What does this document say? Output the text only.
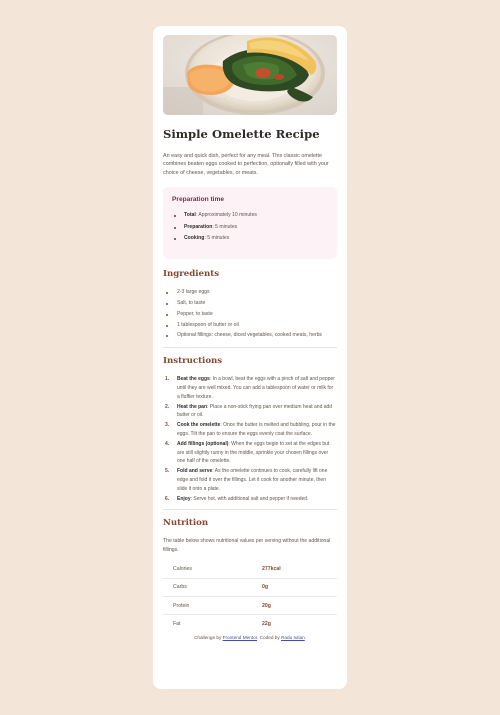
Simple Omelette Recipe

An easy and quick dish, perfect for any meal. This classic omelette combines beaten eggs cooked to perfection, optionally filled with your choice of cheese, vegetables, or meats.

Preparation time
Total: Approximately 10 minutes
Preparation: 5 minutes
Cooking: 5 minutes
Ingredients
2-3 large eggs
Salt, to taste
Pepper, to taste
1 tablespoon of butter or oil
Optional fillings: cheese, diced vegetables, cooked meats, herbs
Instructions
1. Beat the eggs: In a bowl, beat the eggs with a pinch of salt and pepper until they are well mixed. You can add a tablespoon of water or milk for a fluffier texture.
2. Heat the pan: Place a non-stick frying pan over medium heat and add butter or oil.
3. Cook the omelette: Once the butter is melted and bubbling, pour in the eggs. Tilt the pan to ensure the eggs evenly coat the surface.
4. Add fillings (optional): When the eggs begin to set at the edges but are still slightly runny in the middle, sprinkle your chosen fillings over one half of the omelette.
5. Fold and serve: As the omelette continues to cook, carefully lift one edge and fold it over the fillings. Let it cook for another minute, then slide it onto a plate.
6. Enjoy: Serve hot, with additional salt and pepper if needed.
Nutrition

The table below shows nutritional values per serving without the additional fillings.

Calories	277kcal
Carbs	0g
Protein	20g
Fat	22g

Challenge by Frontend Mentor. Coded by Radu Iulian.
